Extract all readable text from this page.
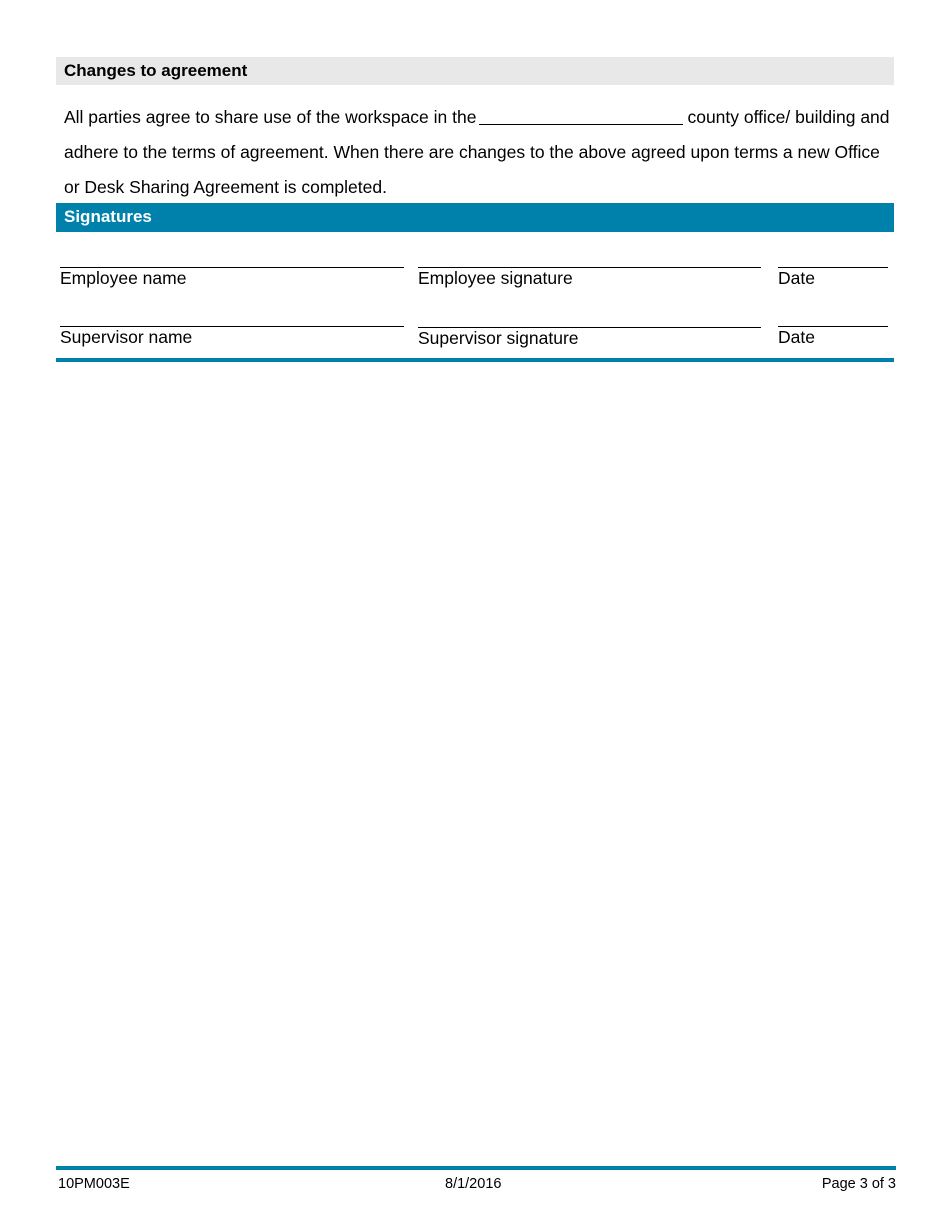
Changes to agreement
All parties agree to share use of the workspace in the	county office/ building and adhere to the terms of agreement. When there are changes to the above agreed upon terms a new Office or Desk Sharing Agreement is completed.
Signatures
Employee name	Employee signature	Date
Supervisor name	Supervisor signature	Date
10PM003E	8/1/2016	Page 3 of 3
